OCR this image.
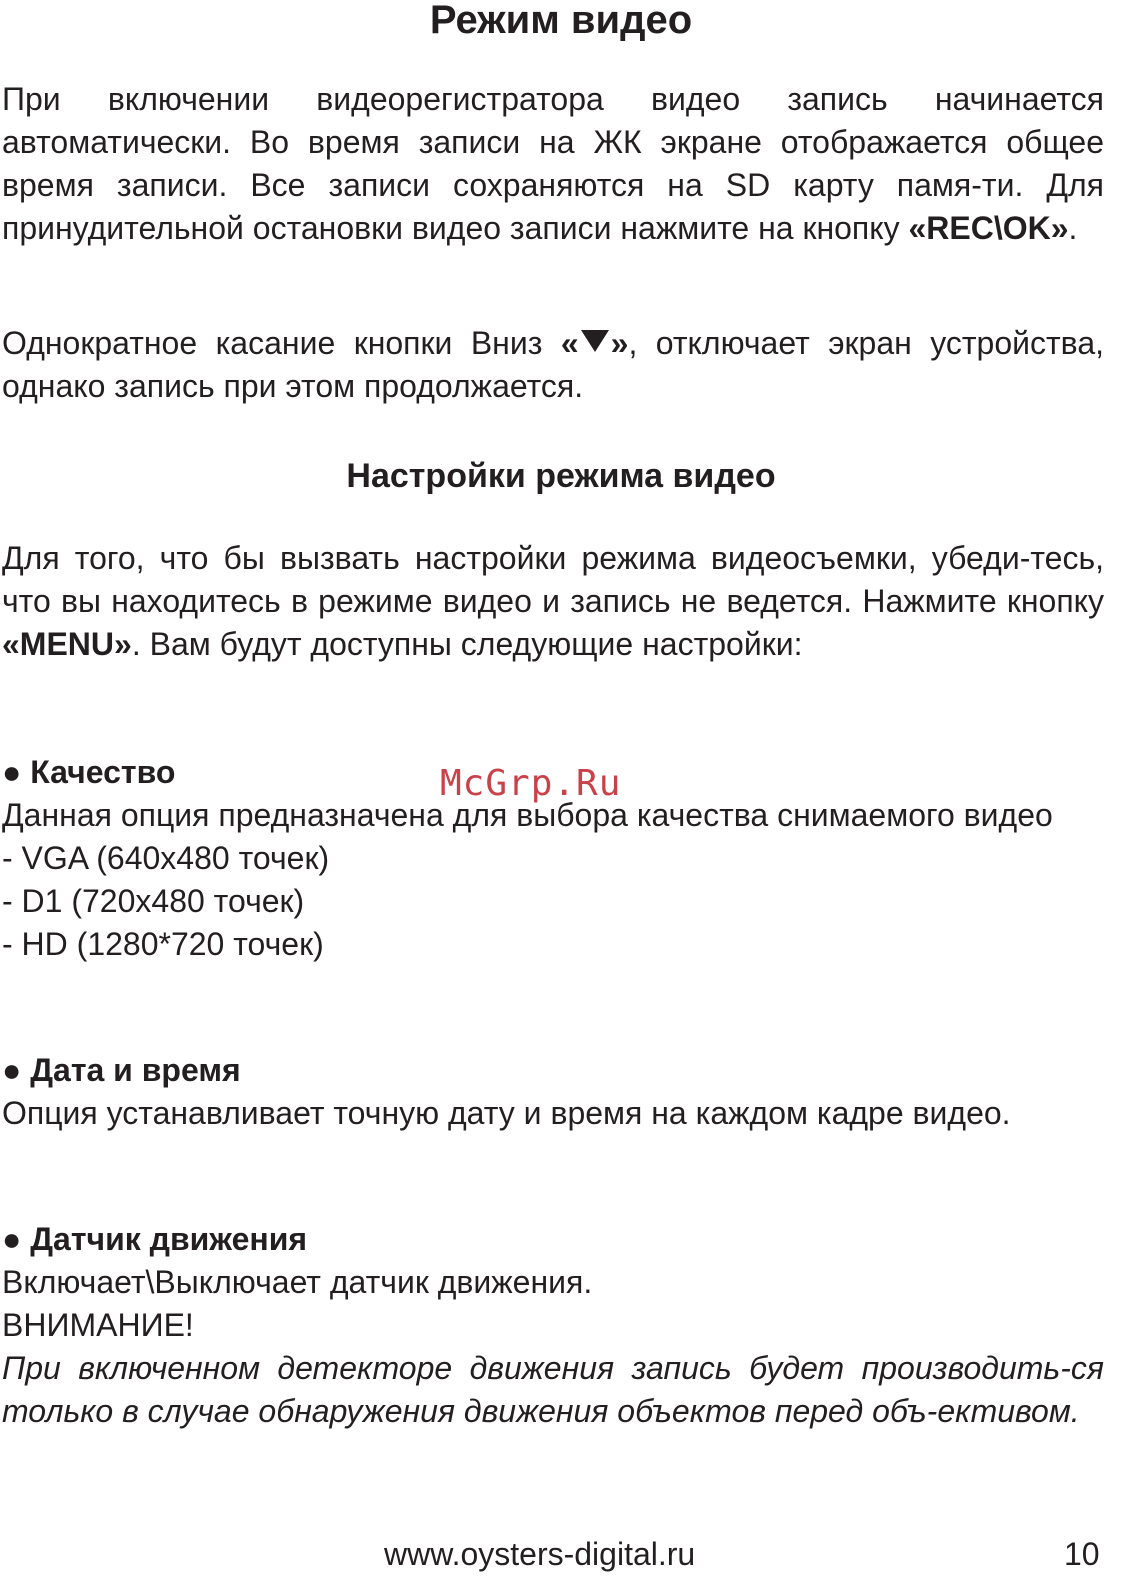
Режим видео
При включении видеорегистратора видео запись начинается автоматически. Во время записи на ЖК экране отображается общее время записи. Все записи сохраняются на SD карту памя-ти. Для принудительной остановки видео записи нажмите на кнопку «REC\OK».
Однократное касание кнопки Вниз « », отключает экран устройства, однако запись при этом продолжается.
Настройки режима видео
Для того, что бы вызвать настройки режима видеосъемки, убеди-тесь, что вы находитесь в режиме видео и запись не ведется. Нажмите кнопку «MENU». Вам будут доступны следующие настройки:
● Качество
Данная опция предназначена для выбора качества снимаемого видео
- VGA (640x480 точек)
- D1 (720x480 точек)
- HD (1280*720 точек)
● Дата и время
Опция устанавливает точную дату и время на каждом кадре видео.
● Датчик движения
Включает\Выключает датчик движения.
ВНИМАНИЕ!
При включенном детекторе движения запись будет производить-ся только в случае обнаружения движения объектов перед объ-ективом.
McGrp.Ru
www.oysters-digital.ru	10
